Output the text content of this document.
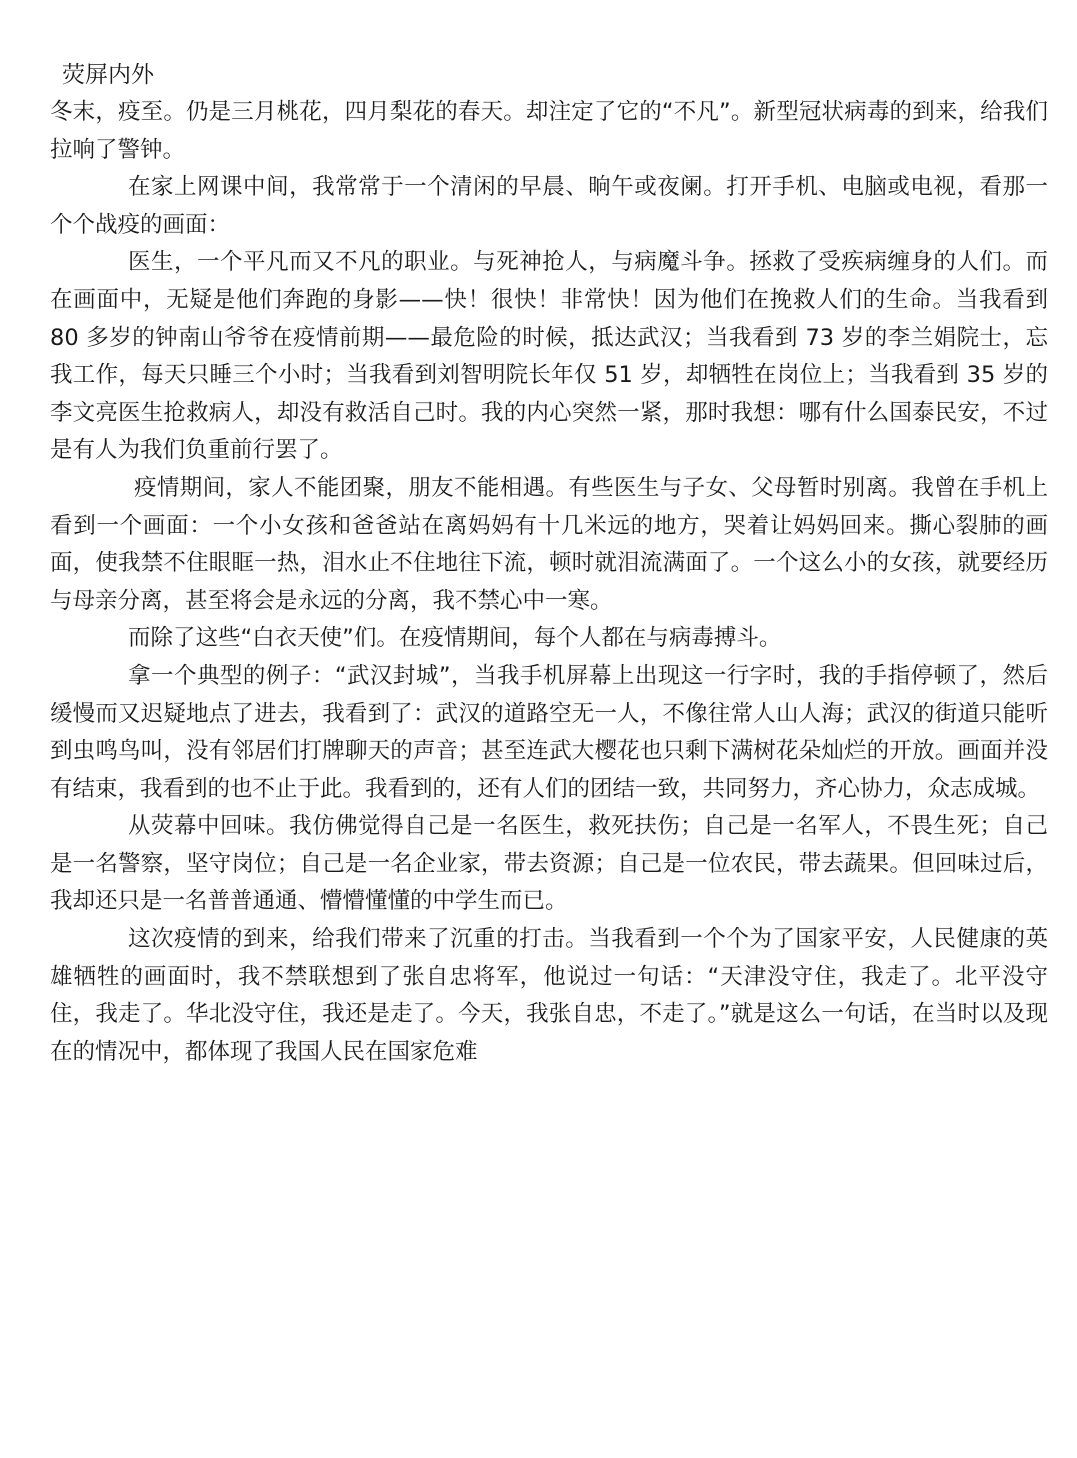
荧屏内外

冬末，疫至。仍是三月桃花，四月梨花的春天。却注定了它的“不凡”。新型冠状病毒的到来，给我们拉响了警钟。

在家上网课中间，我常常于一个清闲的早晨、晌午或夜阑。打开手机、电脑或电视，看那一个个战疫的画面：

医生，一个平凡而又不凡的职业。与死神抢人，与病魔斗争。拯救了受疾病缠身的人们。而在画面中，无疑是他们奔跑的身影——快！很快！非常快！因为他们在挽救人们的生命。当我看到 80 多岁的钟南山爷爷在疫情前期——最危险的时候，抵达武汉；当我看到 73 岁的李兰娟院士，忘我工作，每天只睡三个小时；当我看到刘智明院长年仅 51 岁，却牺牲在岗位上；当我看到 35 岁的李文亮医生抢救病人，却没有救活自己时。我的内心突然一紧，那时我想：哪有什么国泰民安，不过是有人为我们负重前行罢了。

疫情期间，家人不能团聚，朋友不能相遇。有些医生与子女、父母暂时别离。我曾在手机上看到一个画面：一个小女孩和爸爸站在离妈妈有十几米远的地方，哭着让妈妈回来。撕心裂肺的画面，使我禁不住眼眶一热，泪水止不住地往下流，顿时就泪流满面了。一个这么小的女孩，就要经历与母亲分离，甚至将会是永远的分离，我不禁心中一寒。

而除了这些“白衣天使”们。在疫情期间，每个人都在与病毒搏斗。

拿一个典型的例子：“武汉封城”，当我手机屏幕上出现这一行字时，我的手指停顿了，然后缓慢而又迟疑地点了进去，我看到了：武汉的道路空无一人，不像往常人山人海；武汉的街道只能听到虫鸣鸟叫，没有邻居们打牌聊天的声音；甚至连武大樱花也只剩下满树花朵灿烂的开放。画面并没有结束，我看到的也不止于此。我看到的，还有人们的团结一致，共同努力，齐心协力，众志成城。

从荧幕中回味。我仿佛觉得自己是一名医生，救死扶伤；自己是一名军人，不畏生死；自己是一名警察，坚守岗位；自己是一名企业家，带去资源；自己是一位农民，带去蔬果。但回味过后，我却还只是一名普普通通、懵懵懂懂的中学生而已。

这次疫情的到来，给我们带来了沉重的打击。当我看到一个个为了国家平安，人民健康的英雄牺牲的画面时，我不禁联想到了张自忠将军，他说过一句话：“天津没守住，我走了。北平没守住，我走了。华北没守住，我还是走了。今天，我张自忠，不走了。”就是这么一句话，在当时以及现在的情况中，都体现了我国人民在国家危难
